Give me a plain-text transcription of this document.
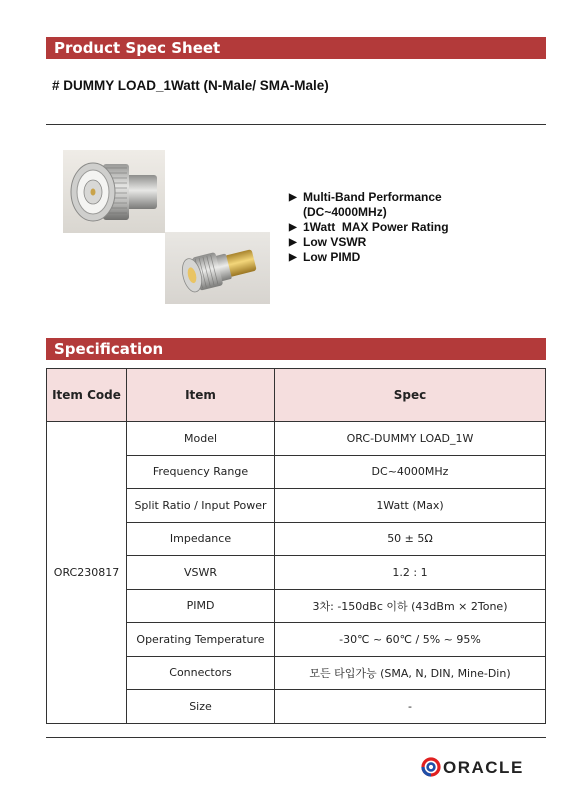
Product Spec Sheet
# DUMMY LOAD_1Watt (N-Male/ SMA-Male)
▶ Multi-Band Performance
(DC~4000MHz)
▶ 1Watt  MAX Power Rating
▶ Low VSWR
▶ Low PIMD
Specification
Item Code	Item	Spec
ORC230817	Model	ORC-DUMMY LOAD_1W
	Frequency Range	DC~4000MHz
	Split Ratio / Input Power	1Watt (Max)
	Impedance	50 ± 5Ω
	VSWR	1.2 : 1
	PIMD	3차: -150dBc 이하 (43dBm × 2Tone)
	Operating Temperature	-30℃ ~ 60℃ / 5% ~ 95%
	Connectors	모든 타입가능 (SMA, N, DIN, Mine-Din)
	Size	-
ORACLE
